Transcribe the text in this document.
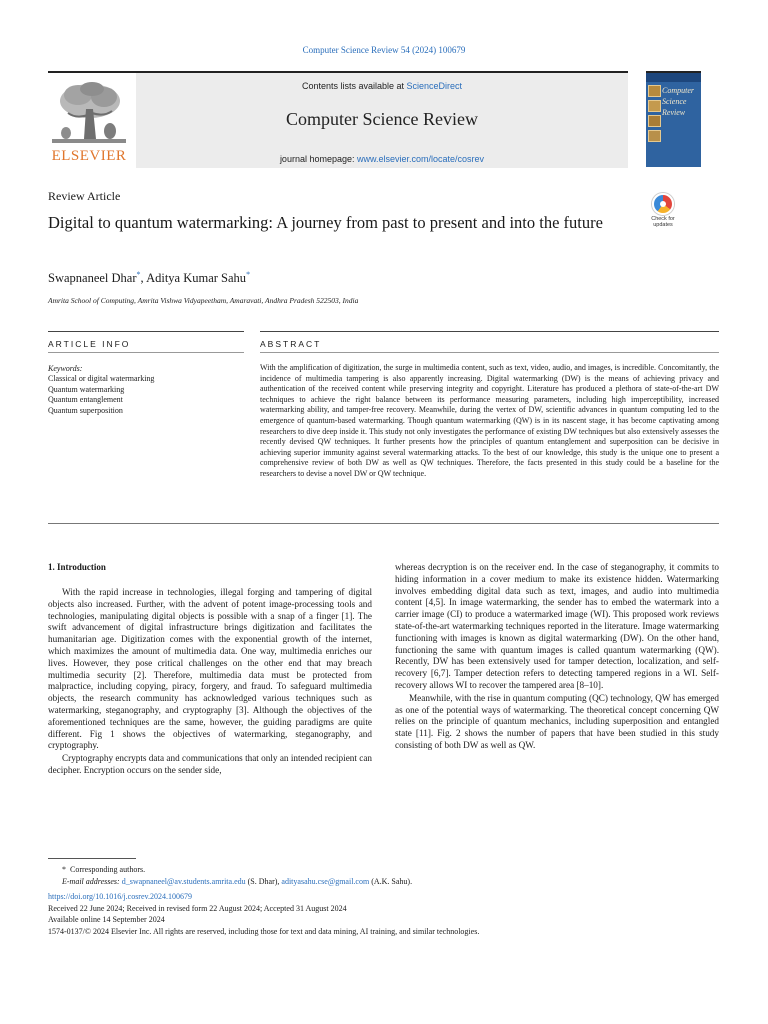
Computer Science Review 54 (2024) 100679
ELSEVIER
Contents lists available at ScienceDirect
Computer Science Review
journal homepage: www.elsevier.com/locate/cosrev
Computer Science Review
Review Article
Digital to quantum watermarking: A journey from past to present and into the future	Check for updates
Swapnaneel Dhar*, Aditya Kumar Sahu*
Amrita School of Computing, Amrita Vishwa Vidyapeetham, Amaravati, Andhra Pradesh 522503, India
ARTICLE INFO	ABSTRACT
Keywords:
Classical or digital watermarking
Quantum watermarking
Quantum entanglement
Quantum superposition
With the amplification of digitization, the surge in multimedia content, such as text, video, audio, and images, is incredible. Concomitantly, the incidence of multimedia tampering is also apparently increasing. Digital watermarking (DW) is the means of achieving privacy and authentication of the received content while preserving integrity and copyright. Literature has produced a plethora of state-of-the-art DW techniques to achieve the right balance between its performance measuring parameters, including high imperceptibility, increased watermarking ability, and tamper-free recovery. Meanwhile, during the vertex of DW, scientific advances in quantum computing led to the emergence of quantum-based watermarking. Though quantum watermarking (QW) is in its nascent stage, it has become captivating among researchers to dive deep inside it. This study not only investigates the performance of existing DW techniques but also extensively assesses the recently devised QW techniques. It further presents how the principles of quantum entanglement and superposition can be decisive in achieving superior immunity against several watermarking attacks. To the best of our knowledge, this study is the unique one to present a comprehensive review of both DW as well as QW techniques. Therefore, the facts presented in this study could be a baseline for the researchers to devise a novel DW or QW technique.
1. Introduction

With the rapid increase in technologies, illegal forging and tampering of digital objects also increased. Further, with the advent of potent image-processing tools and technologies, manipulating digital objects is possible with a snap of a finger [1]. The swift advancement of digital infrastructure brings digitization and facilitates the humanitarian age. Digitization comes with the exponential growth of the internet, which maximizes the amount of multimedia data. One way, multimedia enriches our lives. However, they pose critical challenges on the other end that may breach multimedia security [2]. Therefore, multimedia data must be protected from malpractice, including copying, piracy, forgery, and fraud. To safeguard multimedia objects, the research community has acknowledged various techniques such as watermarking, steganography, and cryptography [3]. Although the objectives of the aforementioned techniques are the same, however, the guiding paradigms are quite different. Fig 1 shows the objectives of watermarking, steganography, and cryptography.

Cryptography encrypts data and communications that only an intended recipient can decipher. Encryption occurs on the sender side,

whereas decryption is on the receiver end. In the case of steganography, it commits to hiding information in a cover medium to make its existence hidden. Watermarking involves embedding digital data such as text, images, and audio into multimedia content [4,5]. In image watermarking, the sender has to embed the watermark into a carrier image (CI) to produce a watermarked image (WI). This proposed work reviews state-of-the-art watermarking techniques reported in the literature. Image watermarking functioning with images is known as digital watermarking (DW). On the other hand, functioning the same with quantum images is called quantum watermarking (QW). Recently, DW has been extensively used for tamper detection, localization, and self-recovery [6,7]. Tamper detection refers to detecting tampered regions in a WI. Self-recovery allows WI to recover the tampered area [8–10].

Meanwhile, with the rise in quantum computing (QC) technology, QW has emerged as one of the potential ways of watermarking. The theoretical concept concerning QW relies on the principle of quantum mechanics, including superposition and entangled state [11]. Fig. 2 shows the number of papers that have been studied in this study consisting of both DW as well as QW.

*  Corresponding authors.
E-mail addresses: d_swapnaneel@av.students.amrita.edu (S. Dhar), adityasahu.cse@gmail.com (A.K. Sahu).
https://doi.org/10.1016/j.cosrev.2024.100679
Received 22 June 2024; Received in revised form 22 August 2024; Accepted 31 August 2024
Available online 14 September 2024
1574-0137/© 2024 Elsevier Inc. All rights are reserved, including those for text and data mining, AI training, and similar technologies.
